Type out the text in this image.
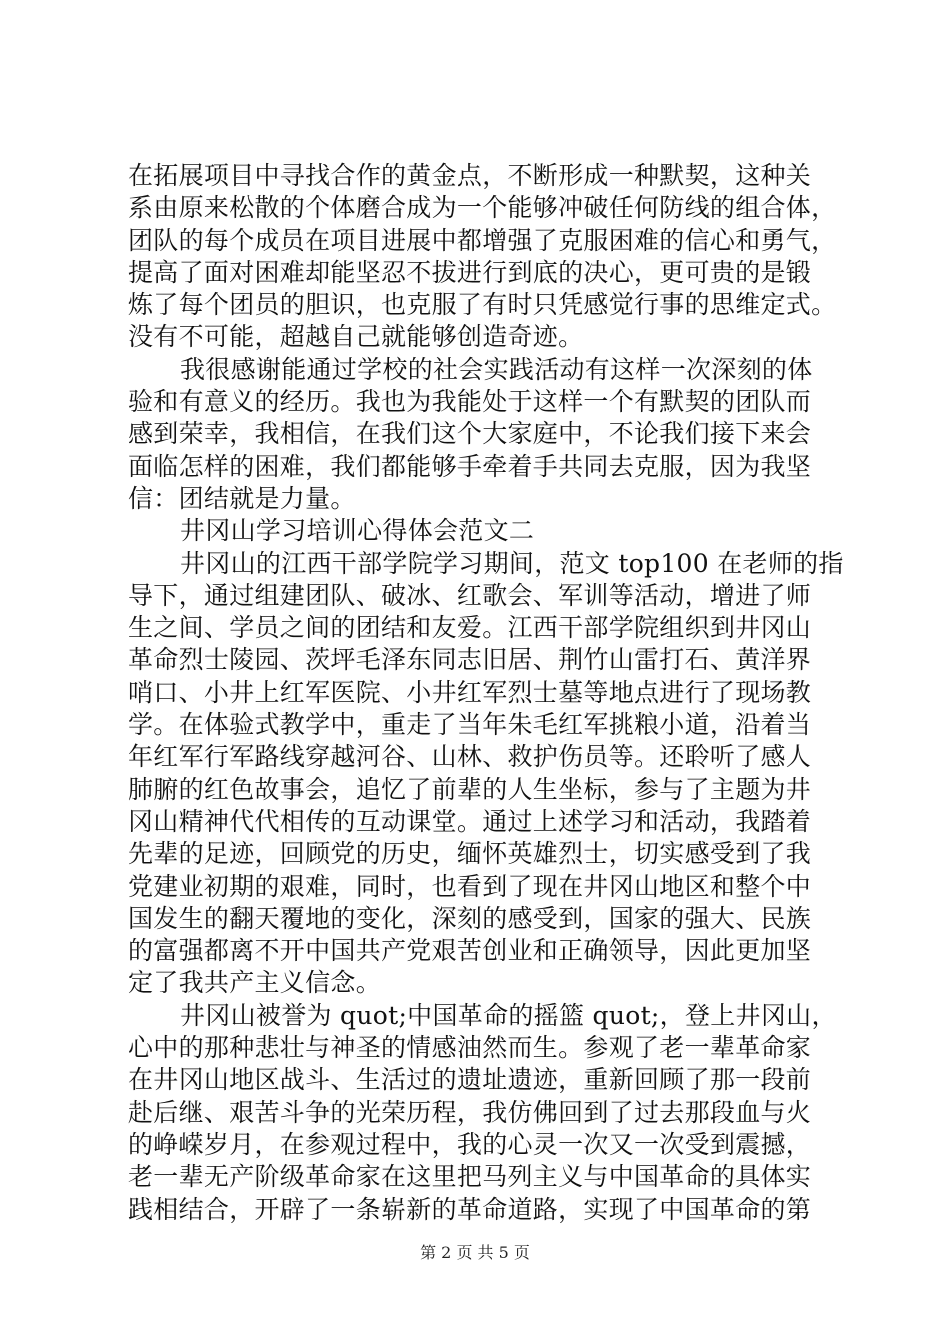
在拓展项目中寻找合作的黄金点，不断形成一种默契，这种关
系由原来松散的个体磨合成为一个能够冲破任何防线的组合体，
团队的每个成员在项目进展中都增强了克服困难的信心和勇气，
提高了面对困难却能坚忍不拔进行到底的决心，更可贵的是锻
炼了每个团员的胆识，也克服了有时只凭感觉行事的思维定式。
没有不可能，超越自己就能够创造奇迹。
我很感谢能通过学校的社会实践活动有这样一次深刻的体
验和有意义的经历。我也为我能处于这样一个有默契的团队而
感到荣幸，我相信，在我们这个大家庭中，不论我们接下来会
面临怎样的困难，我们都能够手牵着手共同去克服，因为我坚
信：团结就是力量。
井冈山学习培训心得体会范文二
井冈山的江西干部学院学习期间，范文 top100 在老师的指
导下，通过组建团队、破冰、红歌会、军训等活动，增进了师
生之间、学员之间的团结和友爱。江西干部学院组织到井冈山
革命烈士陵园、茨坪毛泽东同志旧居、荆竹山雷打石、黄洋界
哨口、小井上红军医院、小井红军烈士墓等地点进行了现场教
学。在体验式教学中，重走了当年朱毛红军挑粮小道，沿着当
年红军行军路线穿越河谷、山林、救护伤员等。还聆听了感人
肺腑的红色故事会，追忆了前辈的人生坐标，参与了主题为井
冈山精神代代相传的互动课堂。通过上述学习和活动，我踏着
先辈的足迹，回顾党的历史，缅怀英雄烈士，切实感受到了我
党建业初期的艰难，同时，也看到了现在井冈山地区和整个中
国发生的翻天覆地的变化，深刻的感受到，国家的强大、民族
的富强都离不开中国共产党艰苦创业和正确领导，因此更加坚
定了我共产主义信念。
井冈山被誉为 quot;中国革命的摇篮 quot;，登上井冈山，
心中的那种悲壮与神圣的情感油然而生。参观了老一辈革命家
在井冈山地区战斗、生活过的遗址遗迹，重新回顾了那一段前
赴后继、艰苦斗争的光荣历程，我仿佛回到了过去那段血与火
的峥嵘岁月，在参观过程中，我的心灵一次又一次受到震撼，
老一辈无产阶级革命家在这里把马列主义与中国革命的具体实
践相结合，开辟了一条崭新的革命道路，实现了中国革命的第
第 2 页 共 5 页
